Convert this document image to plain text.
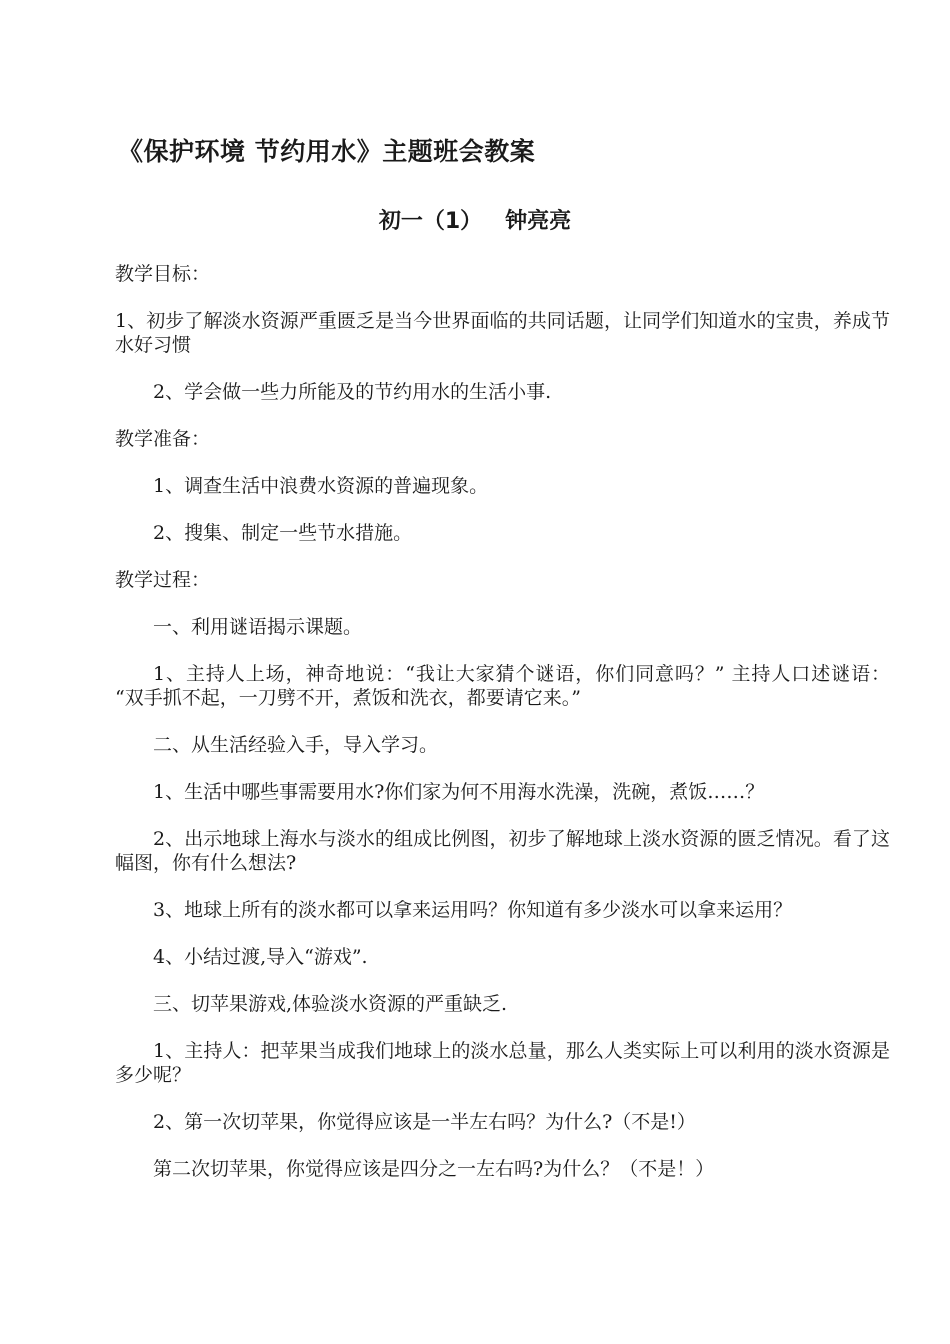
《保护环境 节约用水》主题班会教案
初一（1）   钟亮亮

教学目标：

1、初步了解淡水资源严重匮乏是当今世界面临的共同话题，让同学们知道水的宝贵，养成节水好习惯

2、学会做一些力所能及的节约用水的生活小事.

教学准备：

1、调查生活中浪费水资源的普遍现象。

2、搜集、制定一些节水措施。

教学过程：

一、利用谜语揭示课题。

1、主持人上场，神奇地说：“我让大家猜个谜语，你们同意吗？” 主持人口述谜语： “双手抓不起，一刀劈不开，煮饭和洗衣，都要请它来。”

二、从生活经验入手，导入学习。

1、生活中哪些事需要用水?你们家为何不用海水洗澡，洗碗，煮饭……？

2、出示地球上海水与淡水的组成比例图，初步了解地球上淡水资源的匮乏情况。看了这幅图，你有什么想法?

3、地球上所有的淡水都可以拿来运用吗？你知道有多少淡水可以拿来运用？

4、小结过渡,导入“游戏”.

三、切苹果游戏,体验淡水资源的严重缺乏.

1、主持人：把苹果当成我们地球上的淡水总量，那么人类实际上可以利用的淡水资源是多少呢？

2、第一次切苹果，你觉得应该是一半左右吗？为什么?（不是!）

第二次切苹果，你觉得应该是四分之一左右吗?为什么？（不是！）
